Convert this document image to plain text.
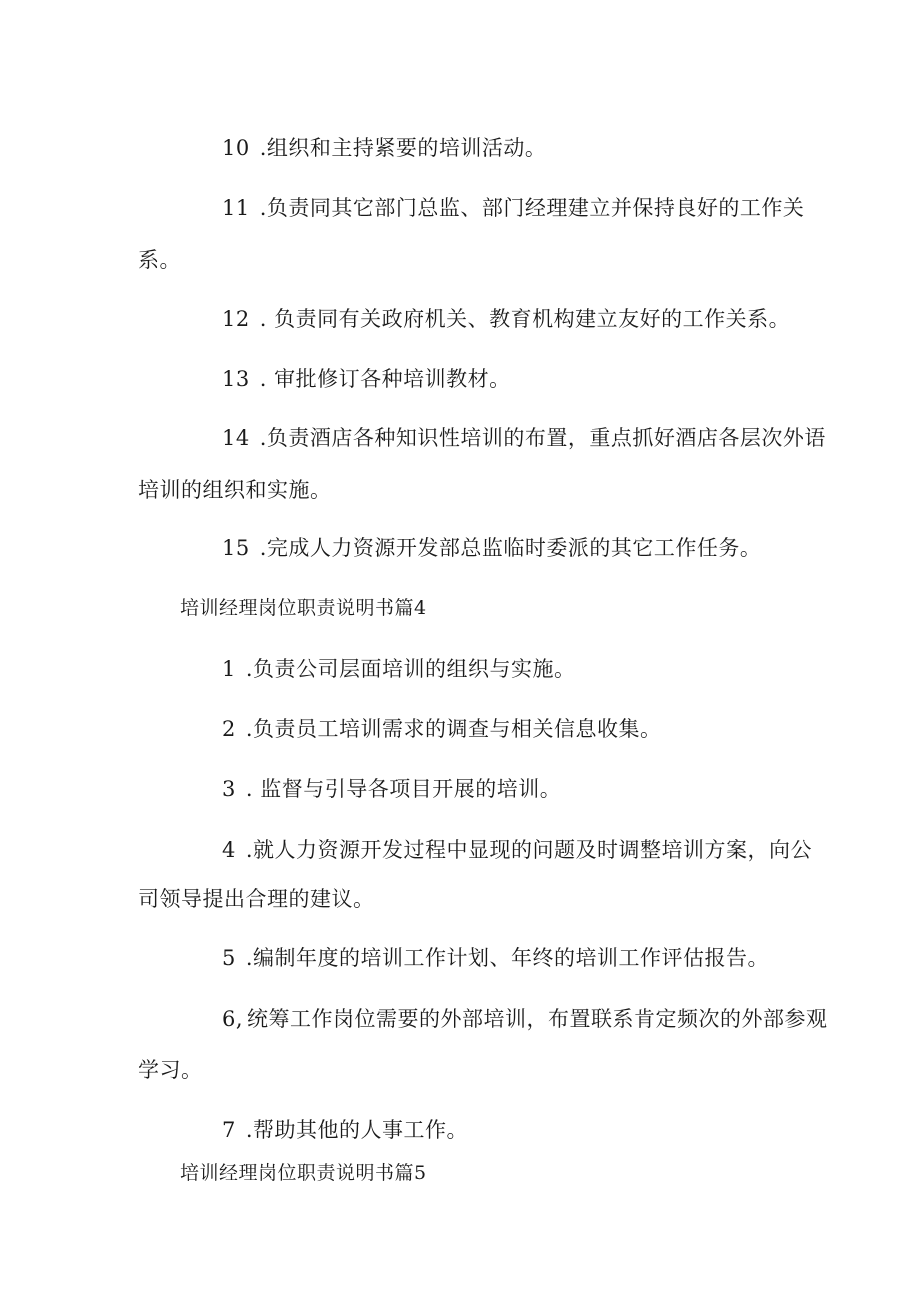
10 .组织和主持紧要的培训活动。
11 .负责同其它部门总监、部门经理建立并保持良好的工作关
系。
12 . 负责同有关政府机关、教育机构建立友好的工作关系。
13 . 审批修订各种培训教材。
14 .负责酒店各种知识性培训的布置，重点抓好酒店各层次外语
培训的组织和实施。
15 .完成人力资源开发部总监临时委派的其它工作任务。
培训经理岗位职责说明书篇4
1 .负责公司层面培训的组织与实施。
2 .负责员工培训需求的调查与相关信息收集。
3 . 监督与引导各项目开展的培训。
4 .就人力资源开发过程中显现的问题及时调整培训方案，向公
司领导提出合理的建议。
5 .编制年度的培训工作计划、年终的培训工作评估报告。
6, 统筹工作岗位需要的外部培训，布置联系肯定频次的外部参观
学习。
7 .帮助其他的人事工作。
培训经理岗位职责说明书篇5
